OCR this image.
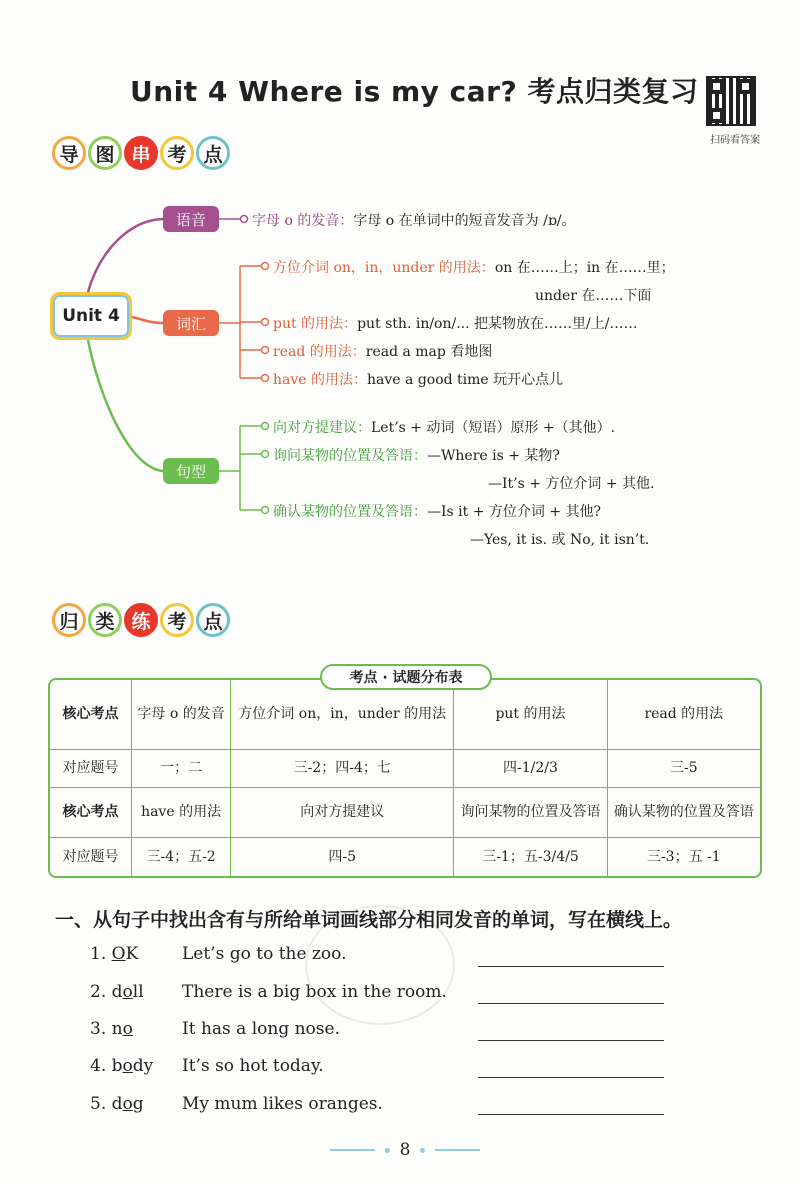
Unit 4 Where is my car? 考点归类复习
扫码看答案
导 图 串 考 点
Unit 4
语音
词汇
句型
字母 o 的发音：字母 o 在单词中的短音发音为 /ɒ/。
方位介词 on，in，under 的用法：on 在……上；in 在……里；
under 在……下面
put 的用法：put sth. in/on/... 把某物放在……里/上/……
read 的用法：read a map 看地图
have 的用法：have a good time 玩开心点儿
向对方提建议：Let’s + 动词（短语）原形 +（其他）.
询问某物的位置及答语：—Where is + 某物?
—It’s + 方位介词 + 其他.
确认某物的位置及答语：—Is it + 方位介词 + 其他?
—Yes, it is. 或 No, it isn’t.
归 类 练 考 点
核心考点	字母 o 的发音	方位介词 on，in，under 的用法	put 的用法	read 的用法
对应题号	一；二	三-2；四-4；七	四-1/2/3	三-5
核心考点	have 的用法	向对方提建议	询问某物的位置及答语	确认某物的位置及答语
对应题号	三-4；五-2	四-5	三-1；五-3/4/5	三-3；五 -1
考点 · 试题分布表
一、从句子中找出含有与所给单词画线部分相同发音的单词，写在横线上。
1. OK	Let’s go to the zoo.
2. doll There is a big box in the room.
3. no	It has a long nose.
4. body It’s so hot today.
5. dog My mum likes oranges.
8
